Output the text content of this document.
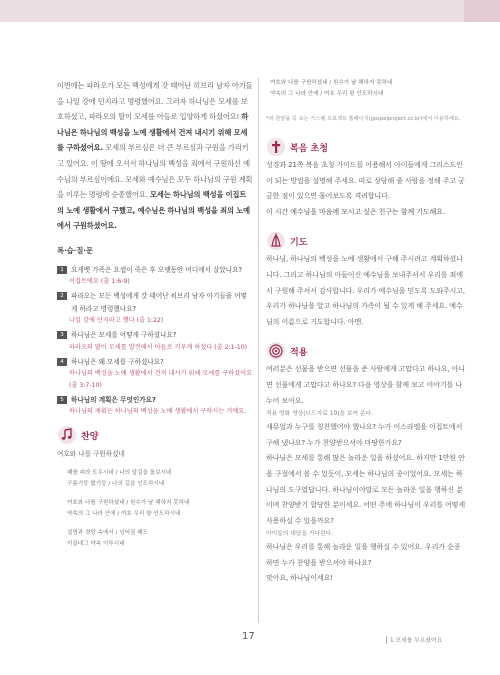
이번에는 파라오가 모든 백성에게 갓 태어난 히브리 남자 아기들을 나일 강에 던지라고 명령했어요. 그러자 하나님은 모세를 보호하셨고, 파라오의 딸이 모세를 아들로 입양하게 하셨어요! 하나님은 하나님의 백성을 노예 생활에서 건져 내시기 위해 모세를 구하셨어요. 모세의 부르심은 더 큰 부르심과 구원을 가리키고 있어요. 이 땅에 오셔서 하나님의 백성을 죄에서 구원하신 예수님의 부르심이에요. 모세와 예수님은 모두 하나님의 구원 계획을 이루는 명령에 순종했어요. 모세는 하나님의 백성을 이집트의 노예 생활에서 구했고, 예수님은 하나님의 백성을 죄의 노예에서 구원하셨어요.

복·습·질·문
1	요게벳 가족은 요셉이 죽은 후 오랫동안 어디에서 살았나요?
이집트에요 (출 1:6-9)
2	파라오는 모든 백성에게 갓 태어난 히브리 남자 아기들을 어떻게 하라고 명령했나요?
나일 강에 던지라고 했다 (출 1:22)
3	하나님은 모세를 어떻게 구하셨나요?
파라오의 딸이 모세를 발견해서 아들로 키우게 하셨다 (출 2:1-10)
4	하나님은 왜 모세를 구하셨나요?
하나님의 백성을 노예 생활에서 건져 내시기 위해 모세를 구하셨어요 (출 3:7-10)
5	하나님의 계획은 무엇인가요?
하나님의 계획은 하나님의 백성을 노예 생활에서 구하시는 거예요.
찬양
여호와 나를 구원하셨네
패를 피라 도우시네 / 나의 앞길을 돌보시네
구름기둥 밟기둥 / 나의 길을 인도하시네
여호와 나를 구원하셨네 / 원수가 날 해하지 못하네
약속의 그 나라 안에 / 여호 우리 왕 인도하시네
설명과 경망 속에서 / 넘어질 때도
이끌네그 약속 이루시네
여호와 나를 구원하셨네 / 원수가 날 해하지 못하네
약속의 그 나라 안에 / 여호 우리 왕 인도하시네
*위 찬양을 꼭 보는 가스펠 프로젝트 홈페이지(gospelproject.co.kr)에서 이용하세요.
복음 초청

성경과 21쪽 복음 초청 가이드를 이용해서 아이들에게 그리스도인이 되는 방법을 설명해 주세요. 따로 상담해 줄 사람을 정해 주고 궁금한 점이 있으면 물어보도록 격려합니다.

이 시간 예수님을 마음에 모시고 싶은 친구는 함께 기도해요.

기도

하나님, 하나님의 백성을 노예 생활에서 구해 주시려고 계획하셨나니다. 그리고 하나님의 아들이신 예수님을 보내주셔서 우리를 죄에서 구원해 주셔서 감사합니다. 우리가 예수님을 믿도록 도와주시고, 우리가 하나님을 알고 하나님의 가족이 될 수 있게 해 주세요. 예수님의 이름으로 기도합니다. 아멘.

적용

여러분은 선물을 받으면 선물을 준 사람에게 고맙다고 하나요, 아니면 선물에게 고맙다고 하나요? 다음 영상을 함께 보고 이야기를 나누어 보아요.

적용 영화 영상(디드자료 10)을 보여 준다.

새뮤얼과 누구를 칭찬했어야 했나요? 누가 이스라엘을 이집트에서 구해 냈나요? 누가 찬양받으셔야 마땅한가요?

하나님은 모세를 통해 많은 놀라운 일을 하셨어요. 하지만 1만원 안을 구절에서 볼 수 있듯이, 모세는 하나님의 종이었어요. 모세는 하나님의 도구였답니다. 하나님이야말로 모든 놀라운 일을 행하신 분이며 찬양받기 합당한 분이세요. 어떤 주에 하나님이 우리를 어떻게 사용하실 수 있을까요?

아이들의 대답을 기다린다.

하나님은 우리를 통해 놀라운 일을 행하실 수 있어요. 우리가 순종하면 누가 찬양을 받으셔야 하나요?

맞아요, 하나님이세요!

17	1 모세를 부르셨어요
